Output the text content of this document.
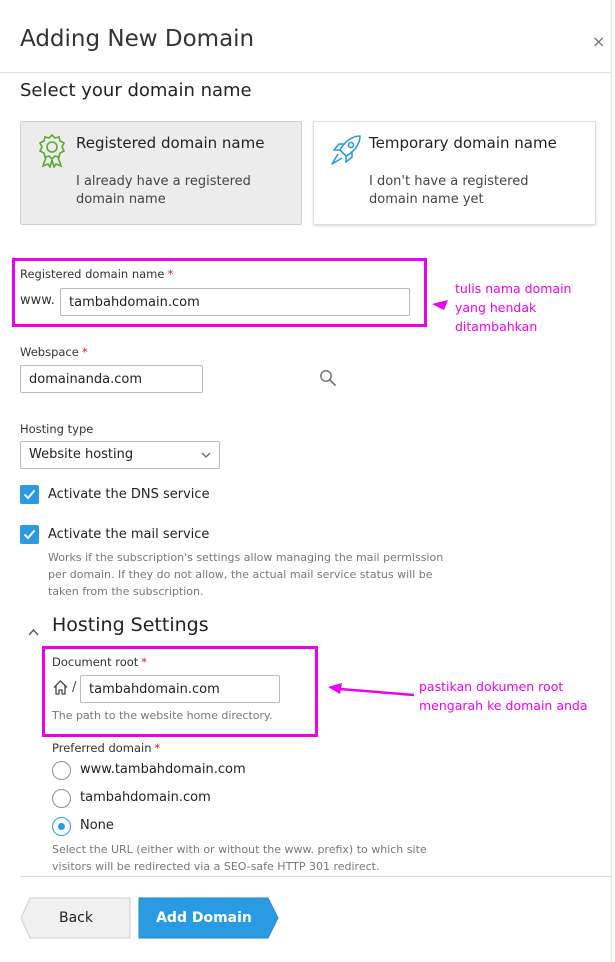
Adding New Domain	×
Select your domain name
Registered domain name
I already have a registered domain name
Temporary domain name
I don't have a registered domain name yet
Registered domain name *
www.
tambahdomain.com
tulis nama domain yang hendak ditambahkan
Webspace *
domainanda.com
Hosting type
Website hosting
Activate the DNS service
Activate the mail service
Works if the subscription's settings allow managing the mail permission per domain. If they do not allow, the actual mail service status will be taken from the subscription.
Hosting Settings
Document root *
/
tambahdomain.com
The path to the website home directory.
pastikan dokumen root mengarah ke domain anda
Preferred domain *
www.tambahdomain.com
tambahdomain.com
None
Select the URL (either with or without the www. prefix) to which site visitors will be redirected via a SEO-safe HTTP 301 redirect.
Back	Add Domain
